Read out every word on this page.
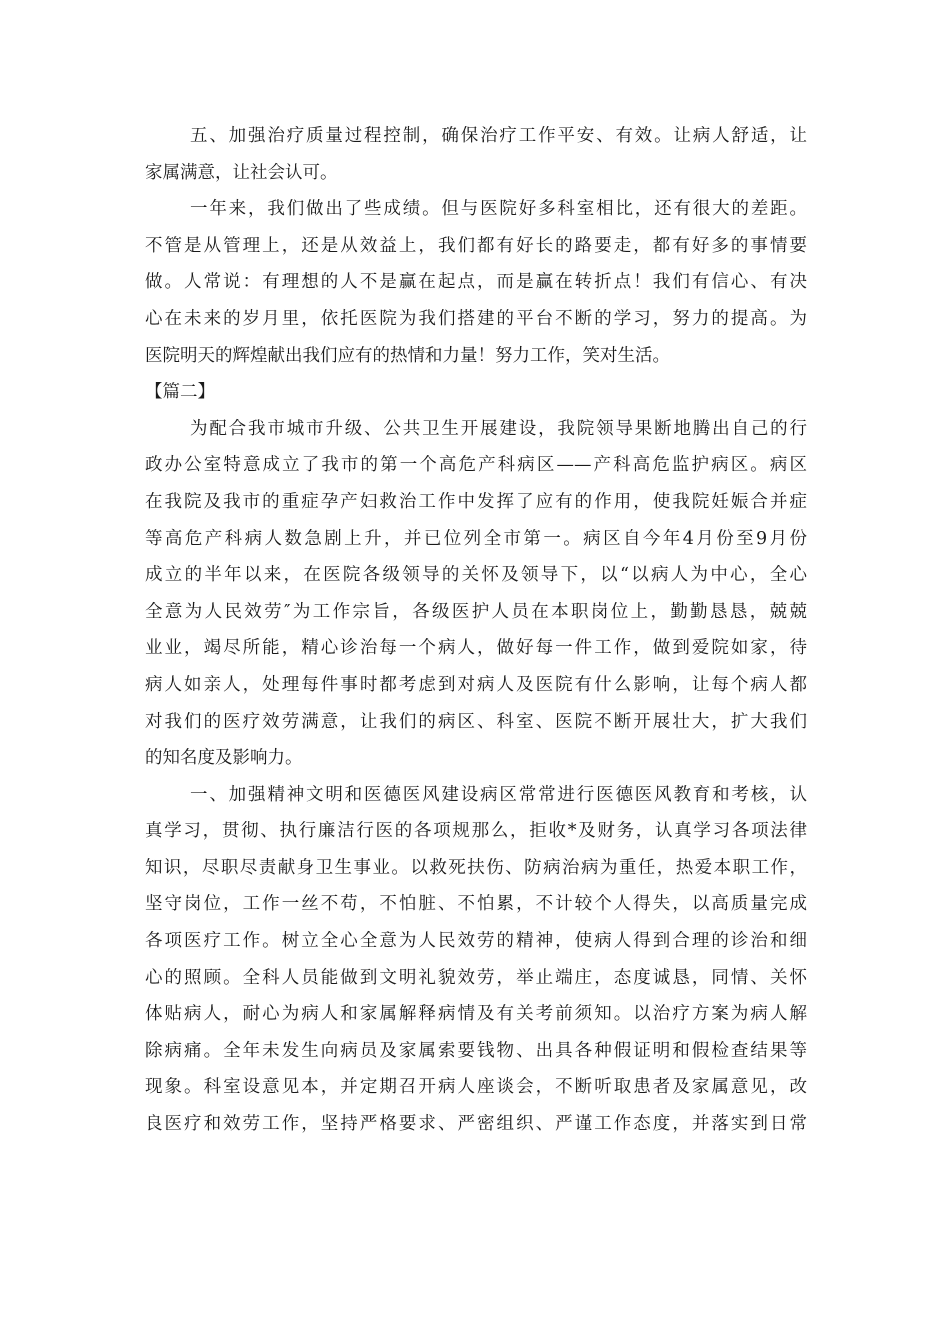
五、加强治疗质量过程控制，确保治疗工作平安、有效。让病人舒适，让
家属满意，让社会认可。
一年来，我们做出了些成绩。但与医院好多科室相比，还有很大的差距。
不管是从管理上，还是从效益上，我们都有好长的路要走，都有好多的事情要
做。人常说：有理想的人不是赢在起点，而是赢在转折点！我们有信心、有决
心在未来的岁月里，依托医院为我们搭建的平台不断的学习，努力的提高。为
医院明天的辉煌献出我们应有的热情和力量！努力工作，笑对生活。
【篇二】
为配合我市城市升级、公共卫生开展建设，我院领导果断地腾出自己的行
政办公室特意成立了我市的第一个高危产科病区——产科高危监护病区。病区
在我院及我市的重症孕产妇救治工作中发挥了应有的作用，使我院妊娠合并症
等高危产科病人数急剧上升，并已位列全市第一。病区自今年4月份至9月份
成立的半年以来，在医院各级领导的关怀及领导下，以“以病人为中心，全心
全意为人民效劳″为工作宗旨，各级医护人员在本职岗位上，勤勤恳恳，兢兢
业业，竭尽所能，精心诊治每一个病人，做好每一件工作，做到爱院如家，待
病人如亲人，处理每件事时都考虑到对病人及医院有什么影响，让每个病人都
对我们的医疗效劳满意，让我们的病区、科室、医院不断开展壮大，扩大我们
的知名度及影响力。
一、加强精神文明和医德医风建设病区常常进行医德医风教育和考核，认
真学习，贯彻、执行廉洁行医的各项规那么，拒收*及财务，认真学习各项法律
知识，尽职尽责献身卫生事业。以救死扶伤、防病治病为重任，热爱本职工作，
坚守岗位，工作一丝不苟，不怕脏、不怕累，不计较个人得失，以高质量完成
各项医疗工作。树立全心全意为人民效劳的精神，使病人得到合理的诊治和细
心的照顾。全科人员能做到文明礼貌效劳，举止端庄，态度诚恳，同情、关怀
体贴病人，耐心为病人和家属解释病情及有关考前须知。以治疗方案为病人解
除病痛。全年未发生向病员及家属索要钱物、出具各种假证明和假检查结果等
现象。科室设意见本，并定期召开病人座谈会，不断听取患者及家属意见，改
良医疗和效劳工作，坚持严格要求、严密组织、严谨工作态度，并落实到日常
